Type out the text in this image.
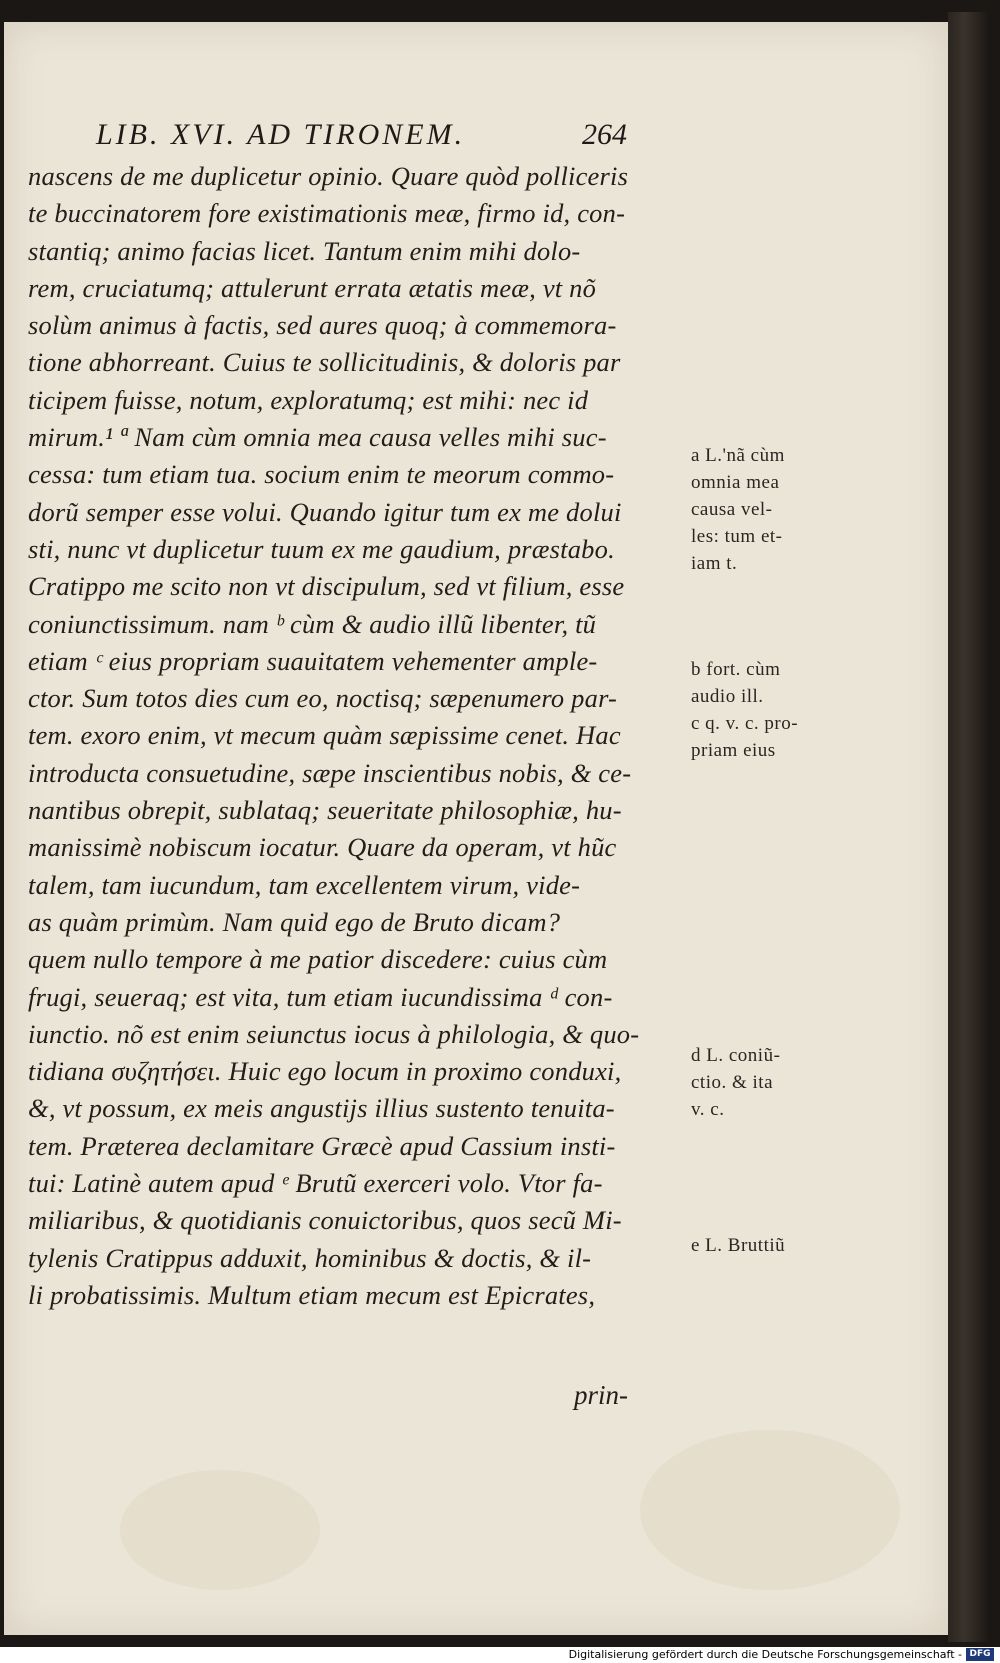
LIB. XVI. AD TIRONEM.	264
nascens de me duplicetur opinio. Quare quòd polliceris
te buccinatorem fore existimationis meæ, firmo id, con-
stantiq; animo facias licet. Tantum enim mihi dolo-
rem, cruciatumq; attulerunt errata ætatis meæ, vt nõ
solùm animus à factis, sed aures quoq; à commemora-
tione abhorreant. Cuius te sollicitudinis, & doloris par
ticipem fuisse, notum, exploratumq; est mihi: nec id
mirum.¹ ª Nam cùm omnia mea causa velles mihi suc-
cessa: tum etiam tua. socium enim te meorum commo-
dorũ semper esse volui. Quando igitur tum ex me dolui
sti, nunc vt duplicetur tuum ex me gaudium, præstabo.
Cratippo me scito non vt discipulum, sed vt filium, esse
coniunctissimum. nam ᵇ cùm & audio illũ libenter, tũ
etiam ᶜ eius propriam suauitatem vehementer ample-
ctor. Sum totos dies cum eo, noctisq; sæpenumero par-
tem. exoro enim, vt mecum quàm sæpissime cenet. Hac
introducta consuetudine, sæpe inscientibus nobis, & ce-
nantibus obrepit, sublataq; seueritate philosophiæ, hu-
manissimè nobiscum iocatur. Quare da operam, vt hũc
talem, tam iucundum, tam excellentem virum, vide-
as quàm primùm. Nam quid ego de Bruto dicam?
quem nullo tempore à me patior discedere: cuius cùm
frugi, seueraq; est vita, tum etiam iucundissima ᵈ con-
iunctio. nõ est enim seiunctus iocus à philologia, & quo-
tidiana συζητήσει. Huic ego locum in proximo conduxi,
&, vt possum, ex meis angustijs illius sustento tenuita-
tem. Præterea declamitare Græcè apud Cassium insti-
tui: Latinè autem apud ᵉ Brutũ exerceri volo. Vtor fa-
miliaribus, & quotidianis conuictoribus, quos secũ Mi-
tylenis Cratippus adduxit, hominibus & doctis, & il-
li probatissimis. Multum etiam mecum est Epicrates,
prin-
a L.'nã cùm
omnia mea
causa vel-
les: tum et-
iam t.
b fort. cùm
audio ill.
c q. v. c. pro-
priam eius
d L. coniũ-
ctio. & ita
v. c.
e L. Bruttiũ
Digitalisierung gefördert durch die Deutsche Forschungsgemeinschaft - DFG
